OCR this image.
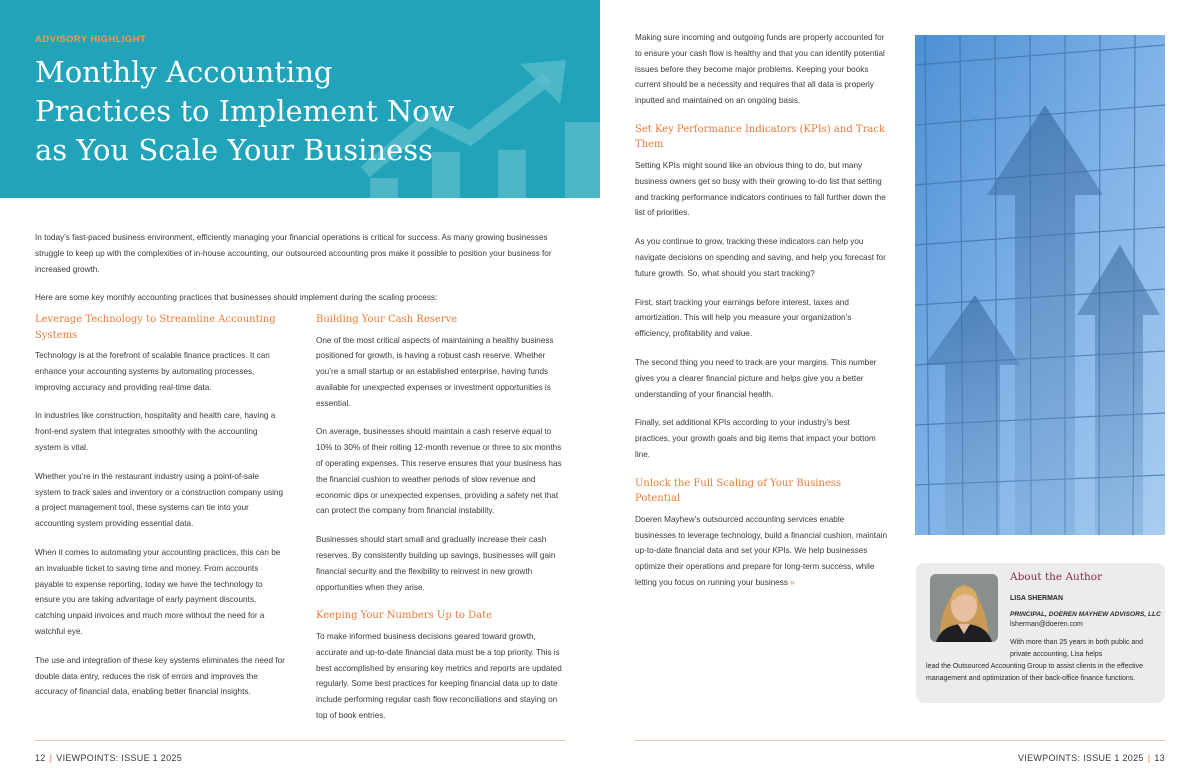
ADVISORY HIGHLIGHT
Monthly Accounting Practices to Implement Now as You Scale Your Business

In today’s fast-paced business environment, efficiently managing your financial operations is critical for success. As many growing businesses struggle to keep up with the complexities of in-house accounting, our outsourced accounting pros make it possible to position your business for increased growth.

Here are some key monthly accounting practices that businesses should implement during the scaling process:

Leverage Technology to Streamline Accounting Systems

Technology is at the forefront of scalable finance practices. It can enhance your accounting systems by automating processes, improving accuracy and providing real-time data.

In industries like construction, hospitality and health care, having a front-end system that integrates smoothly with the accounting system is vital.

Whether you’re in the restaurant industry using a point-of-sale system to track sales and inventory or a construction company using a project management tool, these systems can tie into your accounting system providing essential data.

When it comes to automating your accounting practices, this can be an invaluable ticket to saving time and money. From accounts payable to expense reporting, today we have the technology to ensure you are taking advantage of early payment discounts, catching unpaid invoices and much more without the need for a watchful eye.

The use and integration of these key systems eliminates the need for double data entry, reduces the risk of errors and improves the accuracy of financial data, enabling better financial insights.

Building Your Cash Reserve

One of the most critical aspects of maintaining a healthy business positioned for growth, is having a robust cash reserve. Whether you’re a small startup or an established enterprise, having funds available for unexpected expenses or investment opportunities is essential.

On average, businesses should maintain a cash reserve equal to 10% to 30% of their rolling 12-month revenue or three to six months of operating expenses. This reserve ensures that your business has the financial cushion to weather periods of slow revenue and economic dips or unexpected expenses, providing a safety net that can protect the company from financial instability.

Businesses should start small and gradually increase their cash reserves. By consistently building up savings, businesses will gain financial security and the flexibility to reinvest in new growth opportunities when they arise.

Keeping Your Numbers Up to Date

To make informed business decisions geared toward growth, accurate and up-to-date financial data must be a top priority. This is best accomplished by ensuring key metrics and reports are updated regularly. Some best practices for keeping financial data up to date include performing regular cash flow reconciliations and staying on top of book entries.

Making sure incoming and outgoing funds are properly accounted for to ensure your cash flow is healthy and that you can identify potential issues before they become major problems. Keeping your books current should be a necessity and requires that all data is properly inputted and maintained on an ongoing basis.

Set Key Performance Indicators (KPIs) and Track Them

Setting KPIs might sound like an obvious thing to do, but many business owners get so busy with their growing to-do list that setting and tracking performance indicators continues to fall further down the list of priorities.

As you continue to grow, tracking these indicators can help you navigate decisions on spending and saving, and help you forecast for future growth. So, what should you start tracking?

First, start tracking your earnings before interest, taxes and amortization. This will help you measure your organization’s efficiency, profitability and value.

The second thing you need to track are your margins. This number gives you a clearer financial picture and helps give you a better understanding of your financial health.

Finally, set additional KPIs according to your industry’s best practices, your growth goals and big items that impact your bottom line.

Unlock the Full Scaling of Your Business Potential

Doeren Mayhew’s outsourced accounting services enable businesses to leverage technology, build a financial cushion, maintain up-to-date financial data and set your KPIs. We help businesses optimize their operations and prepare for long-term success, while letting you focus on running your business »	About the Author
LISA SHERMAN
PRINCIPAL, DOEREN MAYHEW ADVISORS, LLC
lsherman@doeren.com
With more than 25 years in both public and private accounting, Lisa helps
lead the Outsourced Accounting Group to assist clients in the effective management and optimization of their back-office finance functions.
12 | VIEWPOINTS: ISSUE 1 2025	VIEWPOINTS: ISSUE 1 2025 | 13
